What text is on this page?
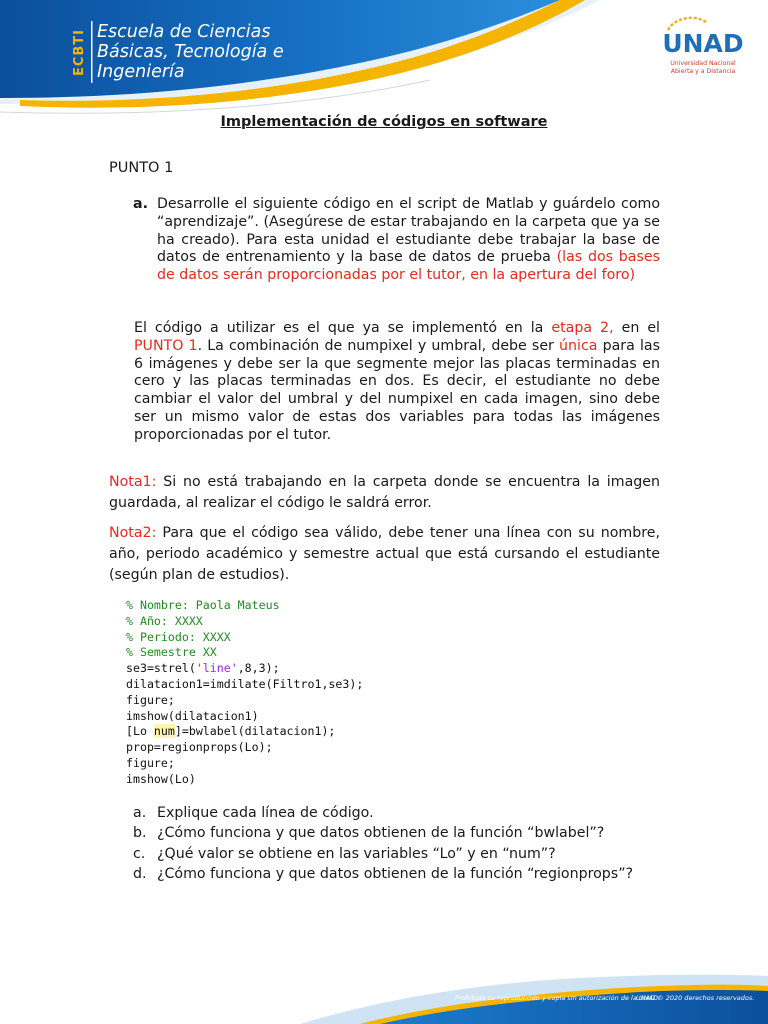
ECBTI Escuela de Ciencias
Básicas, Tecnología e
Ingeniería
UNAD
Universidad Nacional
Abierta y a Distancia
Implementación de códigos en software
PUNTO 1
a. Desarrolle el siguiente código en el script de Matlab y guárdelo como “aprendizaje”. (Asegúrese de estar trabajando en la carpeta que ya se ha creado). Para esta unidad el estudiante debe trabajar la base de datos de entrenamiento y la base de datos de prueba (las dos bases de datos serán proporcionadas por el tutor, en la apertura del foro)
El código a utilizar es el que ya se implementó en la etapa 2, en el PUNTO 1. La combinación de numpixel y umbral, debe ser única para las 6 imágenes y debe ser la que segmente mejor las placas terminadas en cero y las placas terminadas en dos. Es decir, el estudiante no debe cambiar el valor del umbral y del numpixel en cada imagen, sino debe ser un mismo valor de estas dos variables para todas las imágenes proporcionadas por el tutor.
Nota1: Si no está trabajando en la carpeta donde se encuentra la imagen guardada, al realizar el código le saldrá error.
Nota2: Para que el código sea válido, debe tener una línea con su nombre, año, periodo académico y semestre actual que está cursando el estudiante (según plan de estudios).
% Nombre: Paola Mateus
% Año: XXXX
% Periodo: XXXX
% Semestre XX
se3=strel('line',8,3);
dilatacion1=imdilate(Filtro1,se3);
figure;
imshow(dilatacion1)
[Lo num]=bwlabel(dilatacion1);
prop=regionprops(Lo);
figure;
imshow(Lo)
a. Explique cada línea de código.
b. ¿Cómo funciona y que datos obtienen de la función “bwlabel”?
c. ¿Qué valor se obtiene en las variables “Lo” y en “num”?
d. ¿Cómo funciona y que datos obtienen de la función “regionprops”?
Prohibida su reproducción y copia sin autorización de la UNAD.
UNAD © 2020 derechos reservados.
